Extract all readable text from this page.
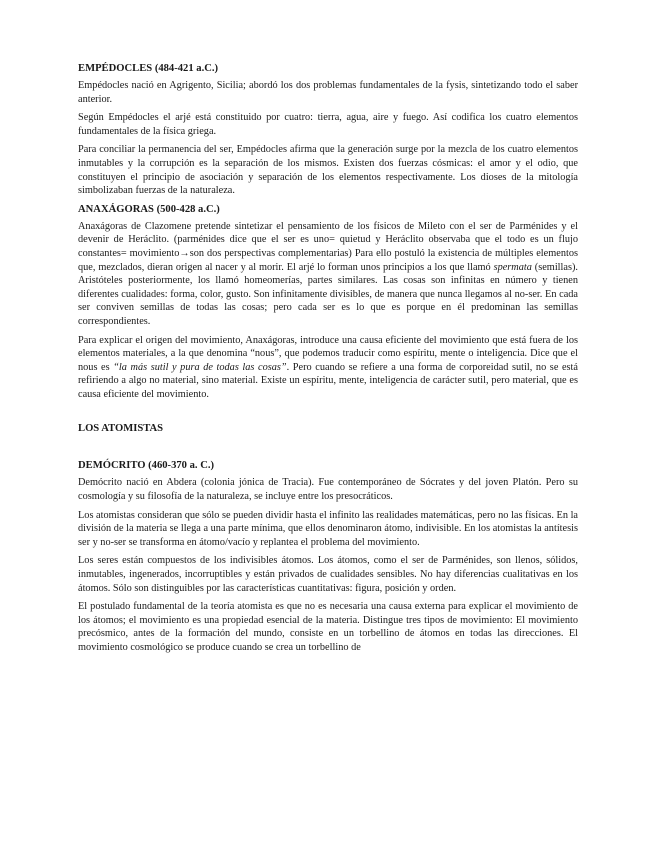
EMPÉDOCLES (484-421 a.C.)

Empédocles nació en Agrigento, Sicilia; abordó los dos problemas fundamentales de la fysis, sintetizando todo el saber anterior.

Según Empédocles el arjé está constituido por cuatro: tierra, agua, aire y fuego. Así codifica los cuatro elementos fundamentales de la física griega.

Para conciliar la permanencia del ser, Empédocles afirma que la generación surge por la mezcla de los cuatro elementos inmutables y la corrupción es la separación de los mismos. Existen dos fuerzas cósmicas: el amor y el odio, que constituyen el principio de asociación y separación de los elementos respectivamente. Los dioses de la mitología simbolizaban fuerzas de la naturaleza.

ANAXÁGORAS (500-428 a.C.)

Anaxágoras de Clazomene pretende sintetizar el pensamiento de los físicos de Mileto con el ser de Parménides y el devenir de Heráclito. (parménides dice que el ser es uno= quietud y Heráclito observaba que el todo es un flujo constantes= movimiento→son dos perspectivas complementarias) Para ello postuló la existencia de múltiples elementos que, mezclados, dieran origen al nacer y al morir. El arjé lo forman unos principios a los que llamó spermata (semillas). Aristóteles posteriormente, los llamó homeomerías, partes similares. Las cosas son infinitas en número y tienen diferentes cualidades: forma, color, gusto. Son infinitamente divisibles, de manera que nunca llegamos al no-ser. En cada ser conviven semillas de todas las cosas; pero cada ser es lo que es porque en él predominan las semillas correspondientes.

Para explicar el origen del movimiento, Anaxágoras, introduce una causa eficiente del movimiento que está fuera de los elementos materiales, a la que denomina “nous”, que podemos traducir como espíritu, mente o inteligencia. Dice que el nous es “la más sutil y pura de todas las cosas”. Pero cuando se refiere a una forma de corporeidad sutil, no se está refiriendo a algo no material, sino material. Existe un espíritu, mente, inteligencia de carácter sutil, pero material, que es causa eficiente del movimiento.

LOS ATOMISTAS
DEMÓCRITO (460-370 a. C.)

Demócrito nació en Abdera (colonia jónica de Tracia). Fue contemporáneo de Sócrates y del joven Platón. Pero su cosmología y su filosofía de la naturaleza, se incluye entre los presocráticos.

Los atomistas consideran que sólo se pueden dividir hasta el infinito las realidades matemáticas, pero no las físicas. En la división de la materia se llega a una parte mínima, que ellos denominaron átomo, indivisible. En los atomistas la antítesis ser y no-ser se transforma en átomo/vacío y replantea el problema del movimiento.

Los seres están compuestos de los indivisibles átomos. Los átomos, como el ser de Parménides, son llenos, sólidos, inmutables, ingenerados, incorruptibles y están privados de cualidades sensibles. No hay diferencias cualitativas en los átomos. Sólo son distinguibles por las características cuantitativas: figura, posición y orden.

El postulado fundamental de la teoría atomista es que no es necesaria una causa externa para explicar el movimiento de los átomos; el movimiento es una propiedad esencial de la materia. Distingue tres tipos de movimiento: El movimiento precósmico, antes de la formación del mundo, consiste en un torbellino de átomos en todas las direcciones. El movimiento cosmológico se produce cuando se crea un torbellino de
